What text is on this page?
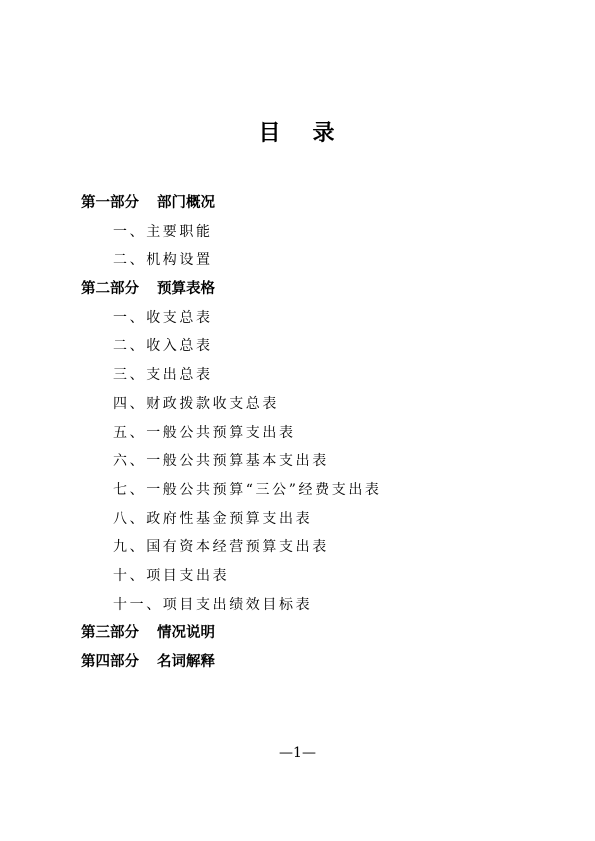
目 录
第一部分 部门概况
一、主要职能
二、机构设置
第二部分 预算表格
一、收支总表
二、收入总表
三、支出总表
四、财政拨款收支总表
五、一般公共预算支出表
六、一般公共预算基本支出表
七、一般公共预算“三公”经费支出表
八、政府性基金预算支出表
九、国有资本经营预算支出表
十、项目支出表
十一、项目支出绩效目标表
第三部分 情况说明
第四部分 名词解释
—1—
